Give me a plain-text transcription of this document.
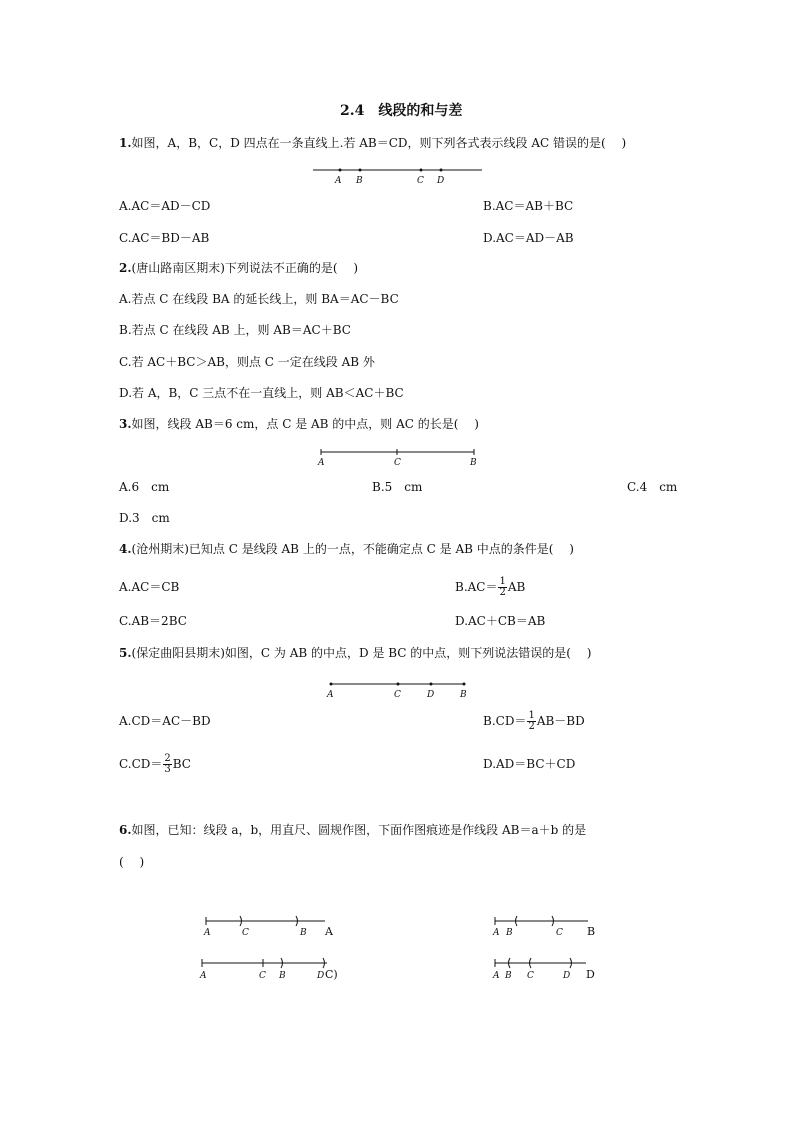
2.4　线段的和与差
1.如图，A，B，C，D 四点在一条直线上.若 AB＝CD，则下列各式表示线段 AC 错误的是(　 )
A B	C D
A.AC＝AD－CD	B.AC＝AB＋BC
C.AC＝BD－AB	D.AC＝AD－AB
2.(唐山路南区期末)下列说法不正确的是(　 )
A.若点 C 在线段 BA 的延长线上，则 BA＝AC－BC
B.若点 C 在线段 AB 上，则 AB＝AC＋BC
C.若 AC＋BC＞AB，则点 C 一定在线段 AB 外
D.若 A，B，C 三点不在一直线上，则 AB＜AC＋BC
3.如图，线段 AB＝6 cm，点 C 是 AB 的中点，则 AC 的长是(　 )
A	C	B
A.6　cm	B.5　cm	C.4　cm
D.3　cm
4.(沧州期末)已知点 C 是线段 AB 上的一点，不能确定点 C 是 AB 中点的条件是(　 )
A.AC＝CB	$B.AC= \frac{1}{2}$ AB
C.AB＝2BC	D.AC＋CB＝AB
5.(保定曲阳县期末)如图，C 为 AB 的中点，D 是 BC 的中点，则下列说法错误的是(　 )
A	C	D	B
A.CD＝AC－BD	$B.CD= \frac{1}{2} AB-BD$
$C.CD= \frac{2}{3}$ BC	D.AD＝BC＋CD
6.如图，已知：线段 a，b，用直尺、圆规作图，下面作图痕迹是作线段 AB＝a＋b 的是
(　 )
A	C	B A	A B	C B
A	C B	D C)	A B C	D D
